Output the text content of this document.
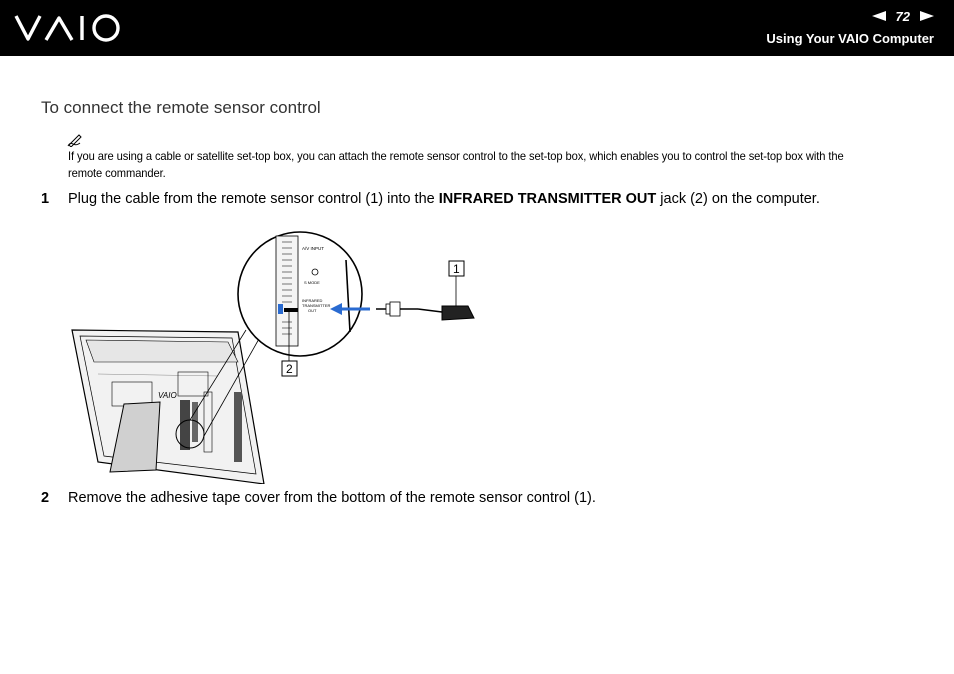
72
Using Your VAIO Computer
To connect the remote sensor control
If you are using a cable or satellite set-top box, you can attach the remote sensor control to the set-top box, which enables you to control the set-top box with the remote commander.
1 Plug the cable from the remote sensor control (1) into the INFRARED TRANSMITTER OUT jack (2) on the computer.
VAIO
A/V INPUT
S MODE
INFRARED
TRANSMITTER
OUT
1
2
2 Remove the adhesive tape cover from the bottom of the remote sensor control (1).
